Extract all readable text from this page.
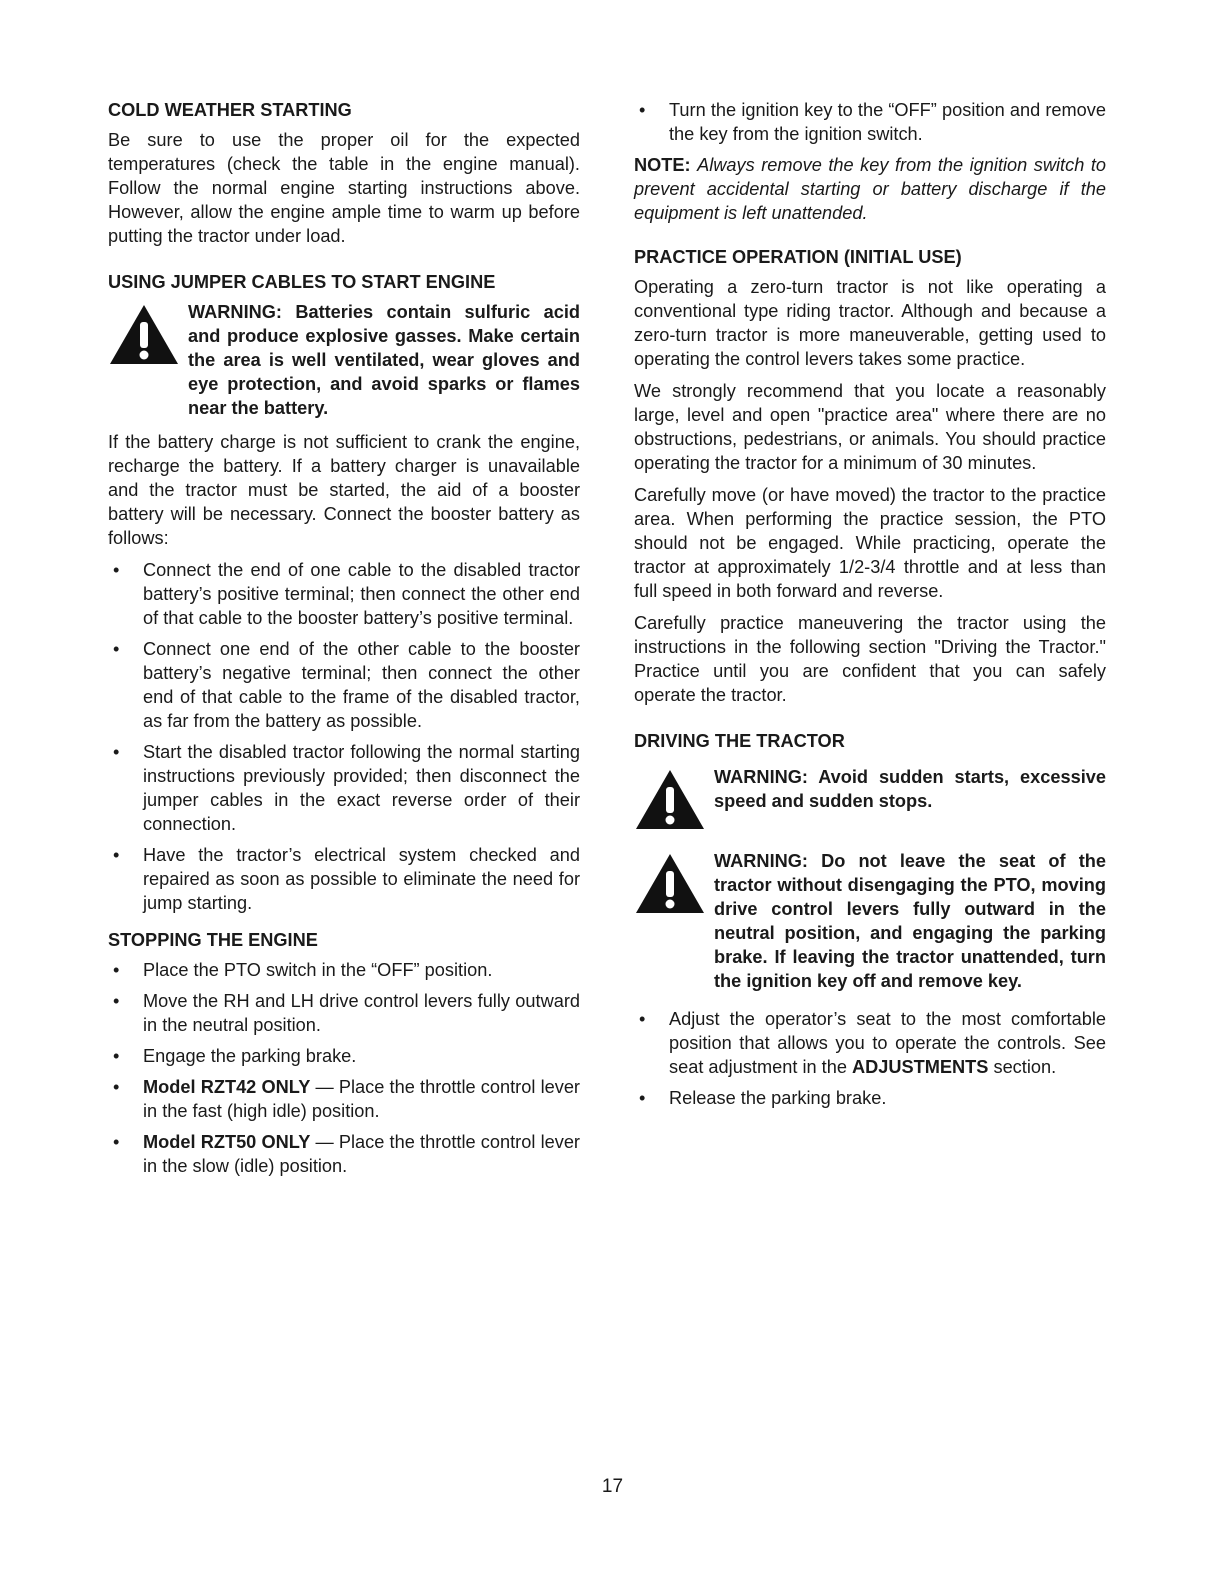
COLD WEATHER STARTING

Be sure to use the proper oil for the expected temperatures (check the table in the engine manual). Follow the normal engine starting instructions above. However, allow the engine ample time to warm up before putting the tractor under load.

USING JUMPER CABLES TO START ENGINE

WARNING: Batteries contain sulfuric acid and produce explosive gasses. Make certain the area is well ventilated, wear gloves and eye protection, and avoid sparks or flames near the battery.

If the battery charge is not sufficient to crank the engine, recharge the battery. If a battery charger is unavailable and the tractor must be started, the aid of a booster battery will be necessary. Connect the booster battery as follows:

• Connect the end of one cable to the disabled tractor battery’s positive terminal; then connect the other end of that cable to the booster battery’s positive terminal.
• Connect one end of the other cable to the booster battery’s negative terminal; then connect the other end of that cable to the frame of the disabled tractor, as far from the battery as possible.
• Start the disabled tractor following the normal starting instructions previously provided; then disconnect the jumper cables in the exact reverse order of their connection.
• Have the tractor’s electrical system checked and repaired as soon as possible to eliminate the need for jump starting.
STOPPING THE ENGINE
• Place the PTO switch in the “OFF” position.
• Move the RH and LH drive control levers fully outward in the neutral position.
• Engage the parking brake.
• Model RZT42 ONLY — Place the throttle control lever in the fast (high idle) position.
• Model RZT50 ONLY — Place the throttle control lever in the slow (idle) position.
• Turn the ignition key to the “OFF” position and remove the key from the ignition switch.

NOTE: Always remove the key from the ignition switch to prevent accidental starting or battery discharge if the equipment is left unattended.

PRACTICE OPERATION (INITIAL USE)

Operating a zero-turn tractor is not like operating a conventional type riding tractor. Although and because a zero-turn tractor is more maneuverable, getting used to operating the control levers takes some practice.

We strongly recommend that you locate a reasonably large, level and open "practice area" where there are no obstructions, pedestrians, or animals. You should practice operating the tractor for a minimum of 30 minutes.

Carefully move (or have moved) the tractor to the practice area. When performing the practice session, the PTO should not be engaged. While practicing, operate the tractor at approximately 1/2-3/4 throttle and at less than full speed in both forward and reverse.

Carefully practice maneuvering the tractor using the instructions in the following section "Driving the Tractor." Practice until you are confident that you can safely operate the tractor.

DRIVING THE TRACTOR

WARNING: Avoid sudden starts, excessive speed and sudden stops.

WARNING: Do not leave the seat of the tractor without disengaging the PTO, moving drive control levers fully outward in the neutral position, and engaging the parking brake. If leaving the tractor unattended, turn the ignition key off and remove key.

• Adjust the operator’s seat to the most comfortable position that allows you to operate the controls. See seat adjustment in the ADJUSTMENTS section.
• Release the parking brake.
17
